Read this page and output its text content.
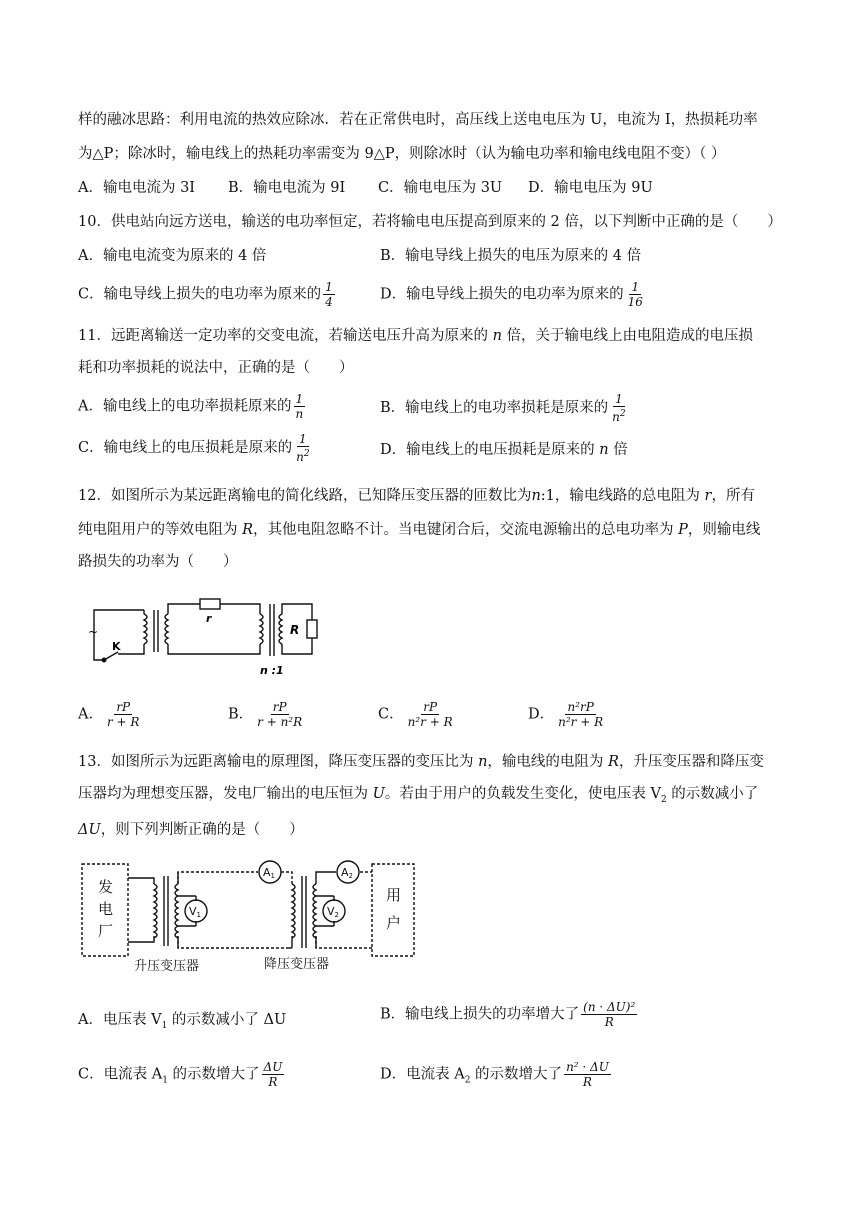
样的融冰思路：利用电流的热效应除冰．若在正常供电时，高压线上送电电压为 U，电流为 I，热损耗功率
为△P；除冰时，输电线上的热耗功率需变为 9△P，则除冰时（认为输电功率和输电线电阻不变）（ ）
A．输电电流为 3I B．输电电流为 9I C．输电电压为 3U D．输电电压为 9U
10．供电站向远方送电，输送的电功率恒定，若将输电电压提高到原来的 2 倍，以下判断中正确的是（　　）
A．输电电流变为原来的 4 倍	B．输电导线上损失的电压为原来的 4 倍
C．输电导线上损失的电功率为原来的 $\frac{1}{4}$	D．输电导线上损失的电功率为原来的 $\frac{1}{16}$
11．远距离输送一定功率的交变电流，若输送电压升高为原来的 n 倍，关于输电线上由电阻造成的电压损
耗和功率损耗的说法中，正确的是（　　）
A．输电线上的电功率损耗原来的 $\frac{1}{n}$	B．输电线上的电功率损耗是原来的 $\frac{1}{n^2}$
C．输电线上的电压损耗是原来的 $\frac{1}{n^2}$	D．输电线上的电压损耗是原来的 n 倍
12．如图所示为某远距离输电的简化线路，已知降压变压器的匝数比为n:1，输电线路的总电阻为 r，所有
纯电阻用户的等效电阻为 R，其他电阻忽略不计。当电键闭合后，交流电源输出的总电功率为 P，则输电线
路损失的功率为（　　）
~
K
r
R
n :1
A． $\frac{rP}{r + R}$	B． $\frac{rP}{\text{r + n²R}}$	C． $\frac{rP}{\text{n²r + R}}$	D． $\frac{\text{n²rP}}{\text{n²r + R}}$
13．如图所示为远距离输电的原理图，降压变压器的变压比为 n，输电线的电阻为 R，升压变压器和降压变
压器均为理想变压器，发电厂输出的电压恒为 U。若由于用户的负载发生变化，使电压表 $V_2$ 的示数减小了
ΔU，则下列判断正确的是（　　）
发
电
厂
用
户
V1	V2
A1	A2
升压变压器	降压变压器
A．电压表 $V_1$ 的示数减小了 ΔU	B．输电线上损失的功率增大了 $\frac{\text{(n · ΔU)²}}{R}$
C．电流表 $A_1$ 的示数增大了 $\frac{\Delta U}{R}$	D．电流表 $A_2$ 的示数增大了 $\frac{\text{n² · ΔU}}{R}$
